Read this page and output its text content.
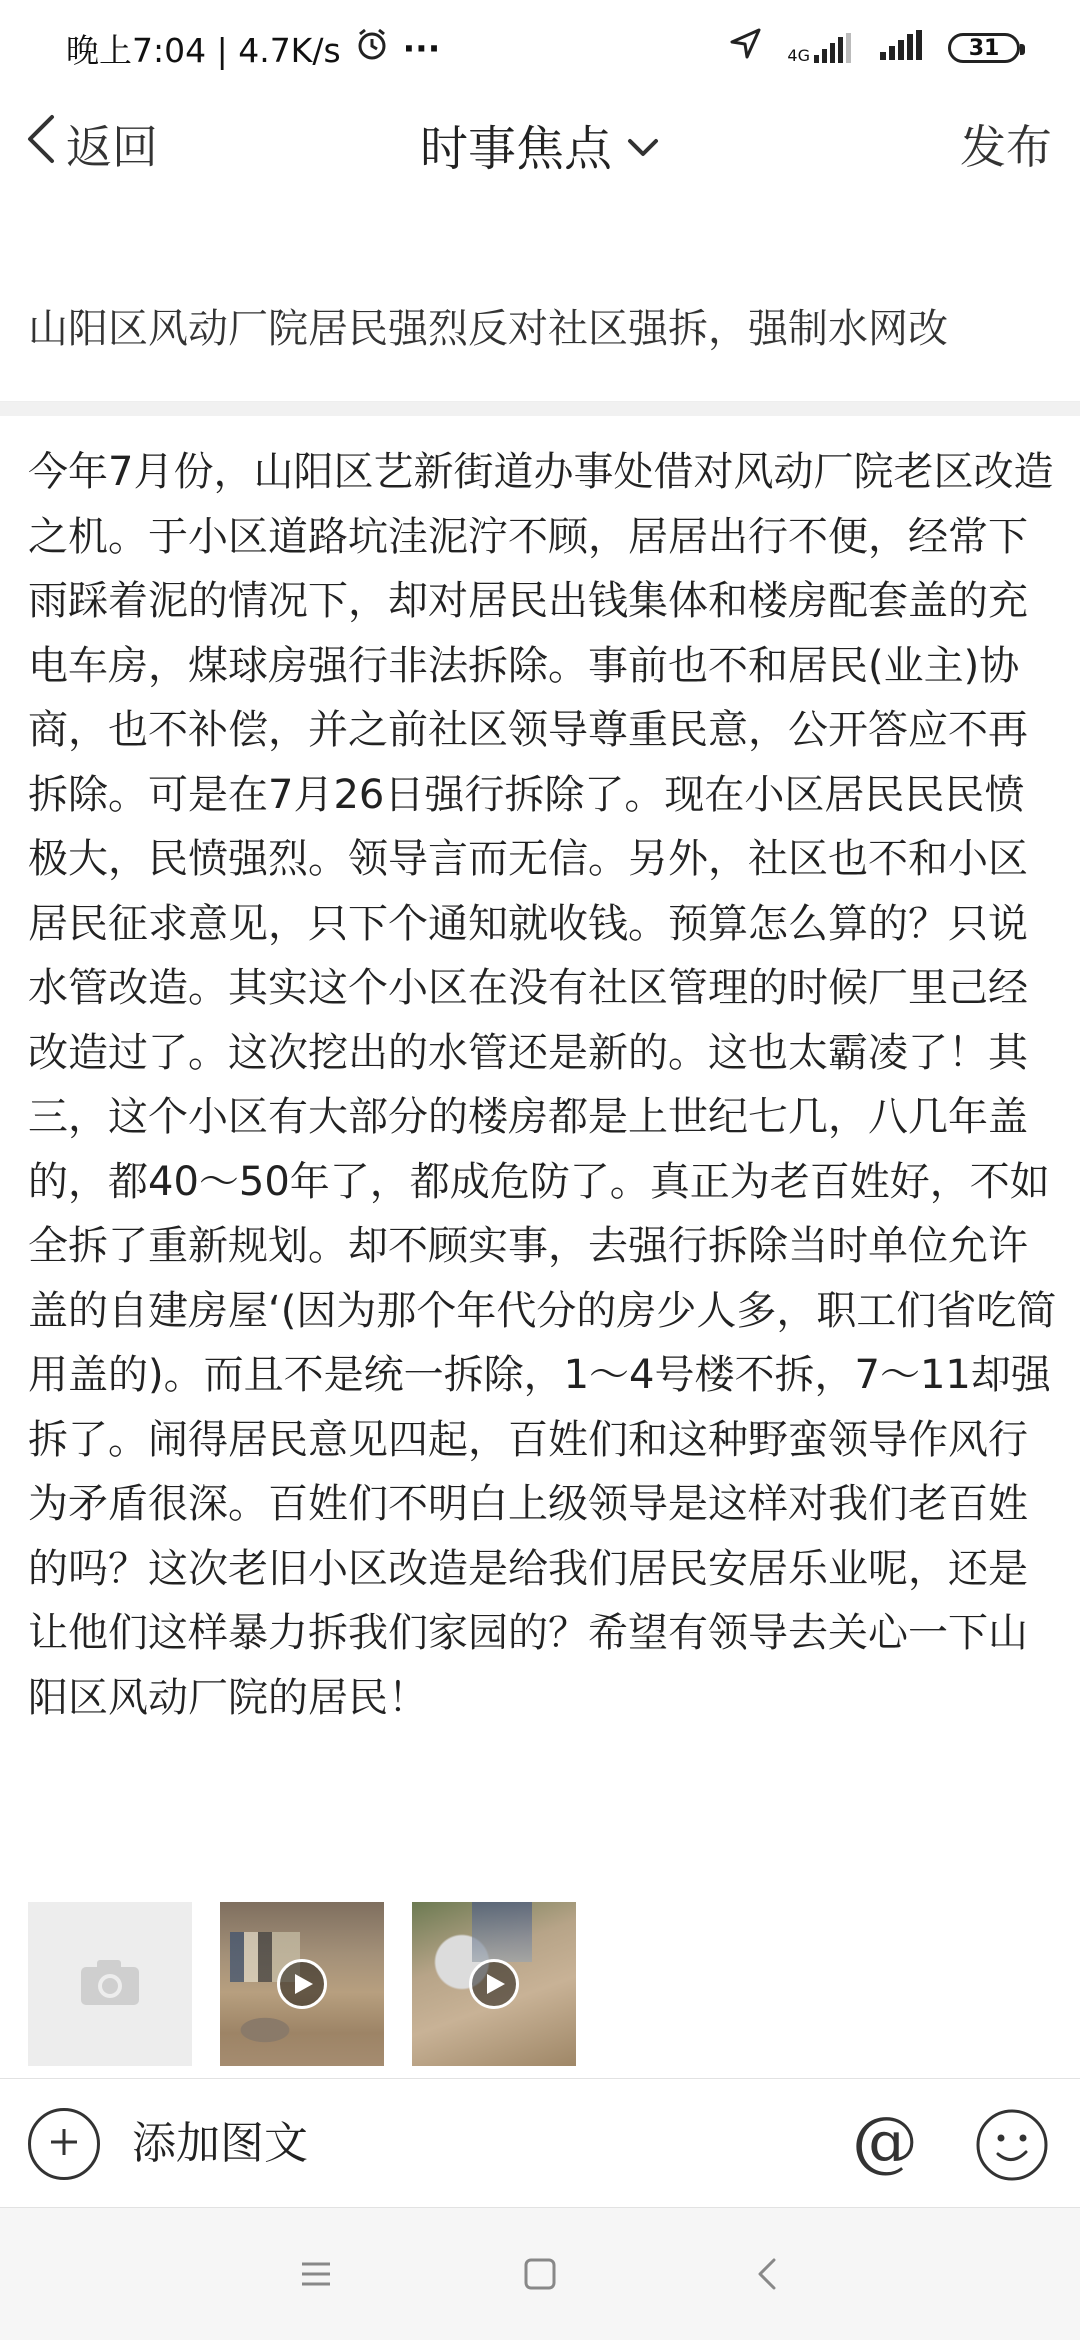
晚上7:04 | 4.7K/s ···	4G	31
返回	时事焦点	发布
山阳区风动厂院居民强烈反对社区强拆，强制水网改

今年7月份，山阳区艺新街道办事处借对风动厂院老区改造之机。于小区道路坑洼泥泞不顾，居居出行不便，经常下雨踩着泥的情况下，却对居民出钱集体和楼房配套盖的充电车房，煤球房强行非法拆除。事前也不和居民(业主)协商，也不补偿，并之前社区领导尊重民意，公开答应不再拆除。可是在7月26日强行拆除了。现在小区居民民民愤极大，民愤强烈。领导言而无信。另外，社区也不和小区居民征求意见，只下个通知就收钱。预算怎么算的？只说水管改造。其实这个小区在没有社区管理的时候厂里己经改造过了。这次挖出的水管还是新的。这也太霸凌了！其三，这个小区有大部分的楼房都是上世纪七几，八几年盖的，都40～50年了，都成危防了。真正为老百姓好，不如全拆了重新规划。却不顾实事，去强行拆除当时单位允许盖的自建房屋‘(因为那个年代分的房少人多，职工们省吃简用盖的)。而且不是统一拆除，1～4号楼不拆，7～11却强拆了。闹得居民意见四起，百姓们和这种野蛮领导作风行为矛盾很深。百姓们不明白上级领导是这样对我们老百姓的吗？这次老旧小区改造是给我们居民安居乐业呢，还是让他们这样暴力拆我们家园的？希望有领导去关心一下山阳区风动厂院的居民！

添加图文	@
